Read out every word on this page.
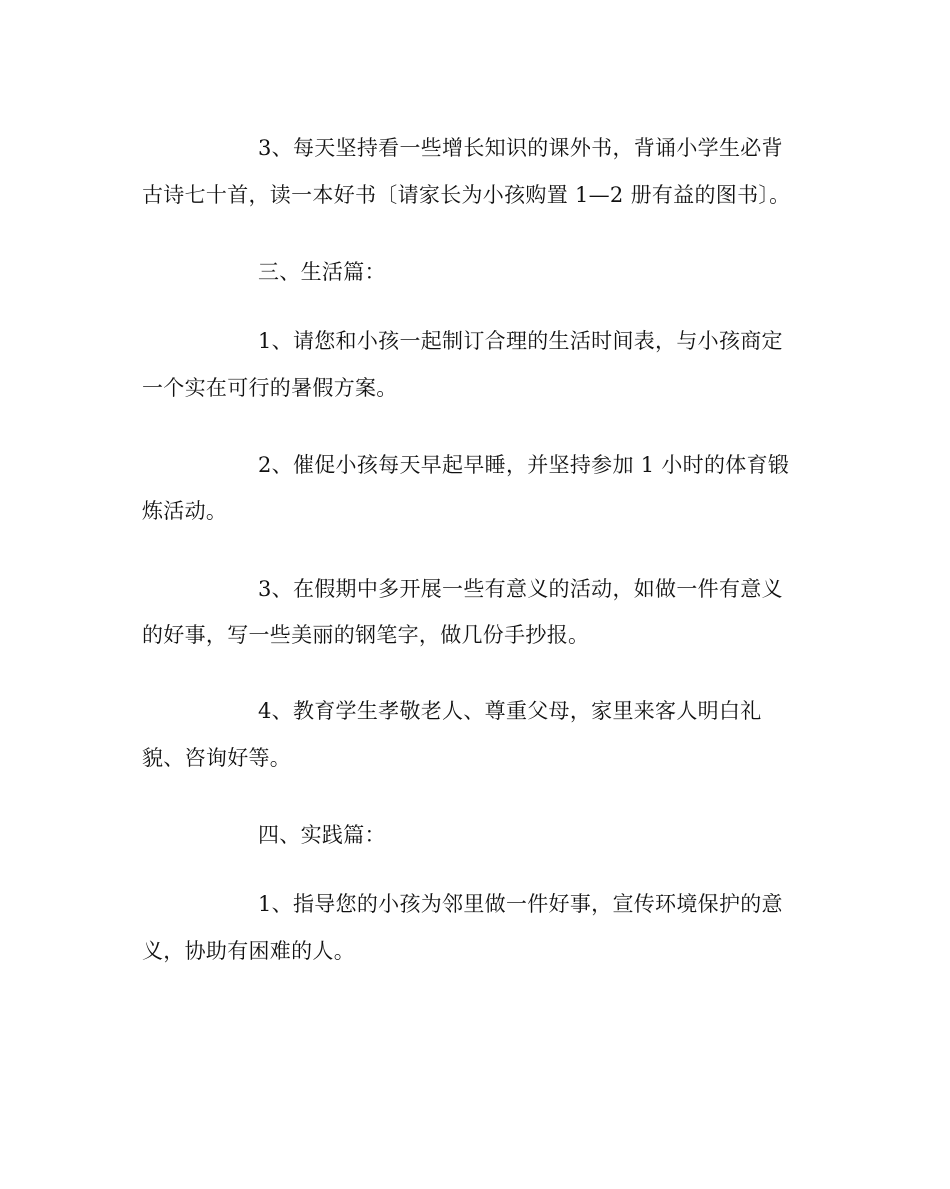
3、每天坚持看一些增长知识的课外书，背诵小学生必背

古诗七十首，读一本好书〔请家长为小孩购置 1—2 册有益的图书〕。

三、生活篇：

1、请您和小孩一起制订合理的生活时间表，与小孩商定

一个实在可行的暑假方案。

2、催促小孩每天早起早睡，并坚持参加 1 小时的体育锻

炼活动。

3、在假期中多开展一些有意义的活动，如做一件有意义

的好事，写一些美丽的钢笔字，做几份手抄报。

4、教育学生孝敬老人、尊重父母，家里来客人明白礼

貌、咨询好等。

四、实践篇：

1、指导您的小孩为邻里做一件好事，宣传环境保护的意

义，协助有困难的人。
